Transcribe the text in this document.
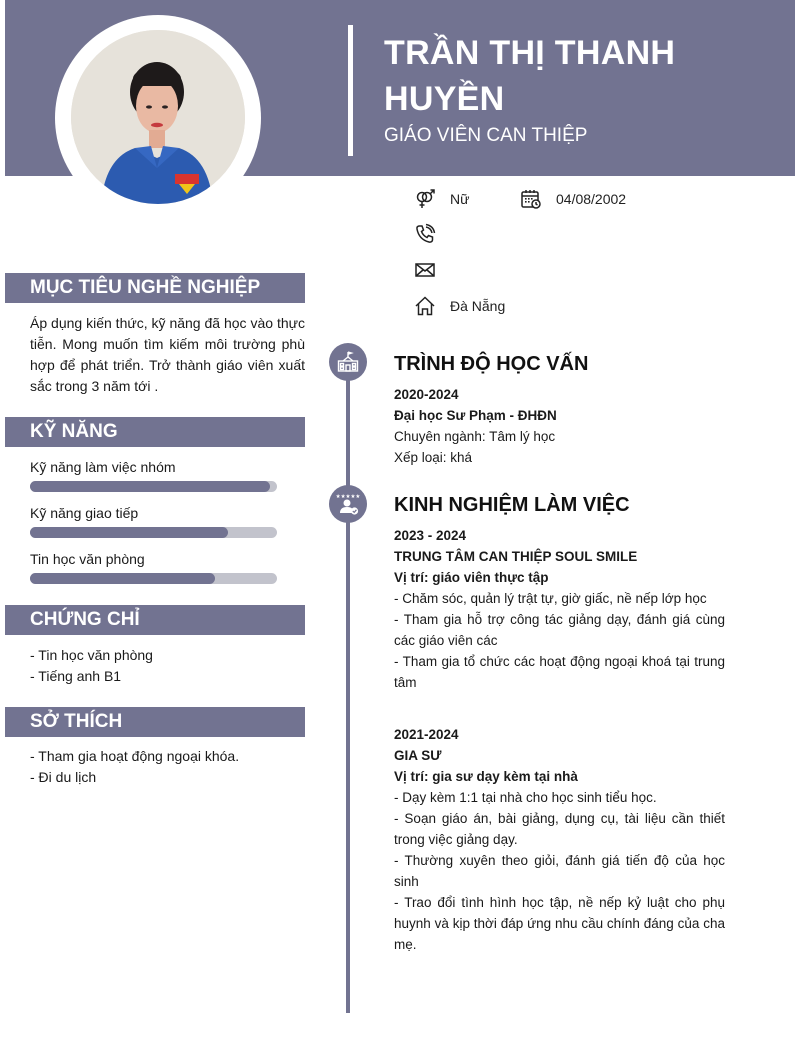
TRẦN THỊ THANH
HUYỀN
GIÁO VIÊN CAN THIỆP
Nữ	04/08/2002
Đà Nẵng
MỤC TIÊU NGHỀ NGHIỆP
Áp dụng kiến thức, kỹ năng đã học vào thực tiễn. Mong muốn tìm kiếm môi trường phù hợp để phát triển. Trở thành giáo viên xuất sắc trong 3 năm tới .
KỸ NĂNG
Kỹ năng làm việc nhóm
Kỹ năng giao tiếp
Tin học văn phòng
CHỨNG CHỈ
- Tin học văn phòng
- Tiếng anh B1
SỞ THÍCH
- Tham gia hoạt động ngoại khóa.
- Đi du lịch
★★★★★
TRÌNH ĐỘ HỌC VẤN
2020-2024
Đại học Sư Phạm - ĐHĐN
Chuyên ngành: Tâm lý học
Xếp loại: khá
KINH NGHIỆM LÀM VIỆC
2023 - 2024
TRUNG TÂM CAN THIỆP SOUL SMILE
Vị trí: giáo viên thực tập
- Chăm sóc, quản lý trật tự, giờ giấc, nề nếp lớp học
- Tham gia hỗ trợ công tác giảng dạy, đánh giá cùng các giáo viên các
- Tham gia tổ chức các hoạt động ngoại khoá tại trung tâm
2021-2024
GIA SƯ
Vị trí: gia sư dạy kèm tại nhà
- Dạy kèm 1:1 tại nhà cho học sinh tiểu học.
- Soạn giáo án, bài giảng, dụng cụ, tài liệu cần thiết trong việc giảng dạy.
- Thường xuyên theo giỏi, đánh giá tiến độ của học sinh
- Trao đổi tình hình học tập, nề nếp kỷ luật cho phụ huynh và kịp thời đáp ứng nhu cầu chính đáng của cha mẹ.
